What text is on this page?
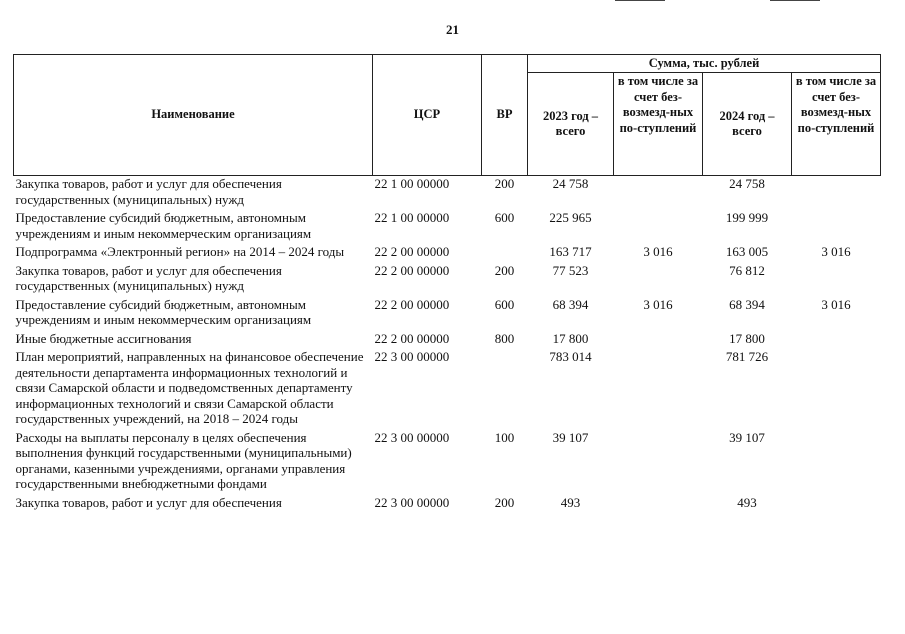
21
Наименование	ЦСР	ВР	Сумма, тыс. рублей			
			2023 год – всего	в том числе за счет без-возмезд-ных по-ступлений	2024 год – всего	в том числе за счет без-возмезд-ных по-ступлений
Закупка товаров, работ и услуг для обеспечения государственных (муниципальных) нужд	22 1 00 00000	200	24 758		24 758	

Предоставление субсидий бюджетным, автономным учреждениям и иным некоммерческим организациям	22 1 00 00000	600	225 965		199 999	

Подпрограмма «Электронный регион» на 2014 – 2024 годы	22 2 00 00000		163 717	3 016	163 005	3 016

Закупка товаров, работ и услуг для обеспечения государственных (муниципальных) нужд	22 2 00 00000	200	77 523		76 812	

Предоставление субсидий бюджетным, автономным учреждениям и иным некоммерческим организациям	22 2 00 00000	600	68 394	3 016	68 394	3 016

Иные бюджетные ассигнования	22 2 00 00000	800	17 800		17 800	

План мероприятий, направленных на финансовое обеспечение деятельности департамента информационных технологий и связи Самарской области и подведомственных департаменту информационных технологий и связи Самарской области государственных учреждений, на 2018 – 2024 годы	22 3 00 00000		783 014		781 726	

Расходы на выплаты персоналу в целях обеспечения выполнения функций государственными (муниципальными) органами, казенными учреждениями, органами управления государственными внебюджетными фондами	22 3 00 00000	100	39 107		39 107	

Закупка товаров, работ и услуг для обеспечения	22 3 00 00000	200	493		493	
